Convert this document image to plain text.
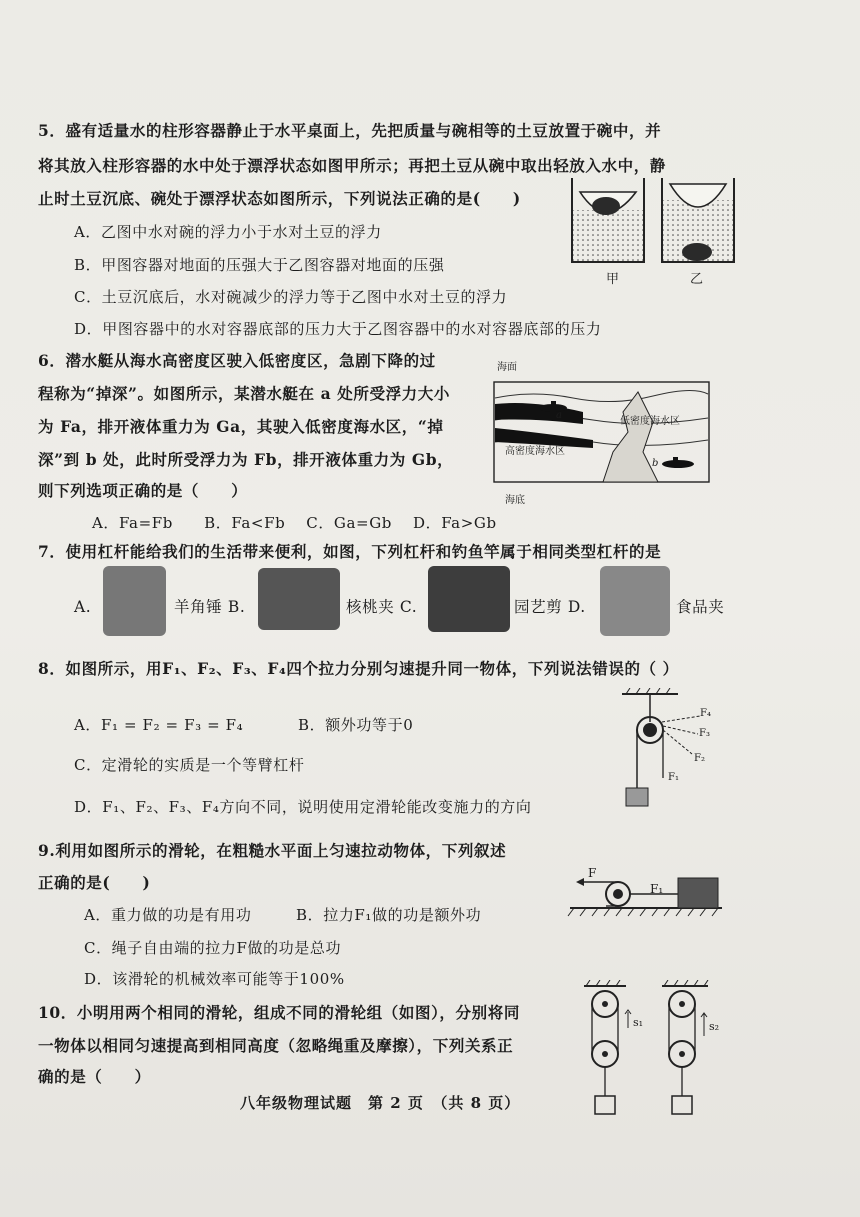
5．盛有适量水的柱形容器静止于水平桌面上，先把质量与碗相等的土豆放置于碗中，并
将其放入柱形容器的水中处于漂浮状态如图甲所示；再把土豆从碗中取出轻放入水中，静
止时土豆沉底、碗处于漂浮状态如图所示，下列说法正确的是(　　)
A．乙图中水对碗的浮力小于水对土豆的浮力
B．甲图容器对地面的压强大于乙图容器对地面的压强
C．土豆沉底后，水对碗减少的浮力等于乙图中水对土豆的浮力
D．甲图容器中的水对容器底部的压力大于乙图容器中的水对容器底部的压力
甲	乙
6．潜水艇从海水高密度区驶入低密度区，急剧下降的过
程称为“掉深”。如图所示，某潜水艇在 a 处所受浮力大小
为 Fa，排开液体重力为 Ga，其驶入低密度海水区，“掉
深”到 b 处，此时所受浮力为 Fb，排开液体重力为 Gb，
则下列选项正确的是（　　）
A．Fa=Fb　　B．Fa<Fb　 C．Ga=Gb　 D．Fa>Gb
海面
低密度海水区
高密度海水区
海底
a
b
7．使用杠杆能给我们的生活带来便利，如图，下列杠杆和钓鱼竿属于相同类型杠杆的是
A.	羊角锤 B.	核桃夹 C.	园艺剪 D.	食品夹
8．如图所示，用F₁、F₂、F₃、F₄四个拉力分别匀速提升同一物体，下列说法错误的（ ）
A．F₁ = F₂ = F₃ = F₄	B．额外功等于0
C．定滑轮的实质是一个等臂杠杆
D．F₁、F₂、F₃、F₄方向不同，说明使用定滑轮能改变施力的方向
F₄
F₃
F₂
F₁
9.利用如图所示的滑轮，在粗糙水平面上匀速拉动物体，下列叙述
正确的是(　　)
A．重力做的功是有用功	B．拉力F₁做的功是额外功
C．绳子自由端的拉力F做的功是总功
D．该滑轮的机械效率可能等于100%
F
F₁
10．小明用两个相同的滑轮，组成不同的滑轮组（如图），分别将同
一物体以相同匀速提高到相同高度（忽略绳重及摩擦），下列关系正
确的是（　　）
s₁	s₂
八年级物理试题　第 2 页　（共 8 页）
